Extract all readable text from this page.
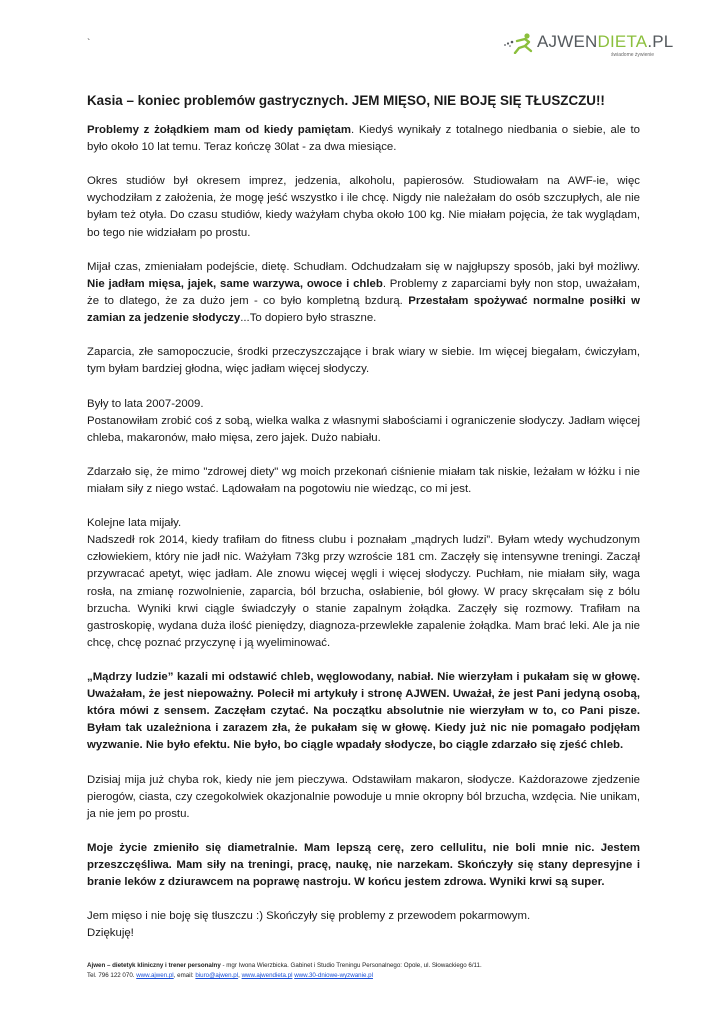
`	AJWENDIETA.PL
świadome żywienie
Kasia – koniec problemów gastrycznych. JEM MIĘSO, NIE BOJĘ SIĘ TŁUSZCZU!!

Problemy z żołądkiem mam od kiedy pamiętam. Kiedyś wynikały z totalnego niedbania o siebie, ale to było około 10 lat temu. Teraz kończę 30lat - za dwa miesiące.

Okres studiów był okresem imprez, jedzenia, alkoholu, papierosów. Studiowałam na AWF-ie, więc wychodziłam z założenia, że mogę jeść wszystko i ile chcę. Nigdy nie należałam do osób szczupłych, ale nie byłam też otyła. Do czasu studiów, kiedy ważyłam chyba około 100 kg. Nie miałam pojęcia, że tak wyglądam, bo tego nie widziałam po prostu.

Mijał czas, zmieniałam podejście, dietę. Schudłam. Odchudzałam się w najgłupszy sposób, jaki był możliwy. Nie jadłam mięsa, jajek, same warzywa, owoce i chleb. Problemy z zaparciami były non stop, uważałam, że to dlatego, że za dużo jem - co było kompletną bzdurą. Przestałam spożywać normalne posiłki w zamian za jedzenie słodyczy...To dopiero było straszne.

Zaparcia, złe samopoczucie, środki przeczyszczające i brak wiary w siebie. Im więcej biegałam, ćwiczyłam, tym byłam bardziej głodna, więc jadłam więcej słodyczy.

Były to lata 2007-2009.

Postanowiłam zrobić coś z sobą, wielka walka z własnymi słabościami i ograniczenie słodyczy. Jadłam więcej chleba, makaronów, mało mięsa, zero jajek. Dużo nabiału.

Zdarzało się, że mimo "zdrowej diety" wg moich przekonań ciśnienie miałam tak niskie, leżałam w łóżku i nie miałam siły z niego wstać. Lądowałam na pogotowiu nie wiedząc, co mi jest.

Kolejne lata mijały.

Nadszedł rok 2014, kiedy trafiłam do fitness clubu i poznałam „mądrych ludzi”. Byłam wtedy wychudzonym człowiekiem, który nie jadł nic. Ważyłam 73kg przy wzroście 181 cm. Zaczęły się intensywne treningi. Zaczął przywracać apetyt, więc jadłam. Ale znowu więcej węgli i więcej słodyczy. Puchłam, nie miałam siły, waga rosła, na zmianę rozwolnienie, zaparcia, ból brzucha, osłabienie, ból głowy. W pracy skręcałam się z bólu brzucha. Wyniki krwi ciągle świadczyły o stanie zapalnym żołądka. Zaczęły się rozmowy. Trafiłam na gastroskopię, wydana duża ilość pieniędzy, diagnoza-przewlekłe zapalenie żołądka. Mam brać leki. Ale ja nie chcę, chcę poznać przyczynę i ją wyeliminować.

„Mądrzy ludzie” kazali mi odstawić chleb, węglowodany, nabiał. Nie wierzyłam i pukałam się w głowę. Uważałam, że jest niepoważny. Polecił mi artykuły i stronę AJWEN. Uważał, że jest Pani jedyną osobą, która mówi z sensem. Zaczęłam czytać. Na początku absolutnie nie wierzyłam w to, co Pani pisze. Byłam tak uzależniona i zarazem zła, że pukałam się w głowę. Kiedy już nic nie pomagało podjęłam wyzwanie. Nie było efektu. Nie było, bo ciągle wpadały słodycze, bo ciągle zdarzało się zjeść chleb.

Dzisiaj mija już chyba rok, kiedy nie jem pieczywa. Odstawiłam makaron, słodycze. Każdorazowe zjedzenie pierogów, ciasta, czy czegokolwiek okazjonalnie powoduje u mnie okropny ból brzucha, wzdęcia. Nie unikam, ja nie jem po prostu.

Moje życie zmieniło się diametralnie. Mam lepszą cerę, zero cellulitu, nie boli mnie nic. Jestem przeszczęśliwa. Mam siły na treningi, pracę, naukę, nie narzekam. Skończyły się stany depresyjne i branie leków z dziurawcem na poprawę nastroju. W końcu jestem zdrowa. Wyniki krwi są super.

Jem mięso i nie boję się tłuszczu :) Skończyły się problemy z przewodem pokarmowym.

Dziękuję!

Ajwen – dietetyk kliniczny i trener personalny - mgr Iwona Wierzbicka. Gabinet i Studio Treningu Personalnego: Opole, ul. Słowackiego 6/11.
Tel. 796 122 070. www.ajwen.pl, email: biuro@ajwen.pl, www.ajwendieta.pl www.30-dniowe-wyzwanie.pl
